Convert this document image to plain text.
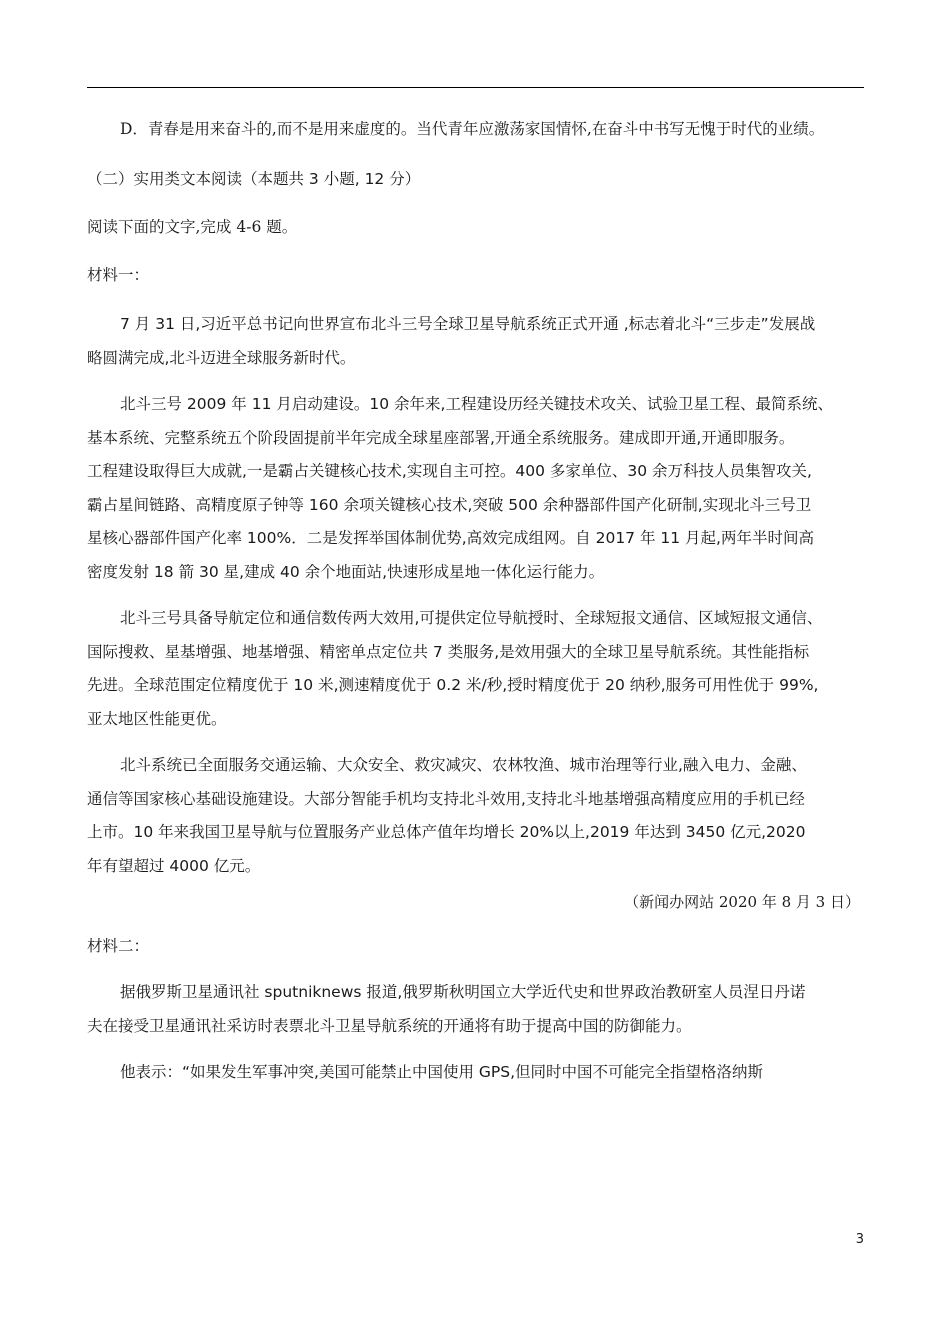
D．青春是用来奋斗的,而不是用来虚度的。当代青年应激荡家国情怀,在奋斗中书写无愧于时代的业绩。

（二）实用类文本阅读（本题共 3 小题, 12 分）

阅读下面的文字,完成 4-6 题。

材料一：

7 月 31 日,习近平总书记向世界宣布北斗三号全球卫星导航系统正式开通 ,标志着北斗“三步走”发展战

略圆满完成,北斗迈进全球服务新时代。

北斗三号 2009 年 11 月启动建设。10 余年来,工程建设历经关键技术攻关、试验卫星工程、最简系统、

基本系统、完整系统五个阶段固提前半年完成全球星座部署,开通全系统服务。建成即开通,开通即服务。

工程建设取得巨大成就,一是霸占关键核心技术,实现自主可控。400 多家单位、30 余万科技人员集智攻关,

霸占星间链路、高精度原子钟等 160 余项关键核心技术,突破 500 余种器部件国产化研制,实现北斗三号卫

星核心器部件国产化率 100%．二是发挥举国体制优势,高效完成组网。自 2017 年 11 月起,两年半时间高

密度发射 18 箭 30 星,建成 40 余个地面站,快速形成星地一体化运行能力。

北斗三号具备导航定位和通信数传两大效用,可提供定位导航授时、全球短报文通信、区域短报文通信、

国际搜救、星基增强、地基增强、精密单点定位共 7 类服务,是效用强大的全球卫星导航系统。其性能指标

先进。全球范围定位精度优于 10 米,测速精度优于 0.2 米/秒,授时精度优于 20 纳秒,服务可用性优于 99%,

亚太地区性能更优。

北斗系统已全面服务交通运输、大众安全、救灾减灾、农林牧渔、城市治理等行业,融入电力、金融、

通信等国家核心基础设施建设。大部分智能手机均支持北斗效用,支持北斗地基增强高精度应用的手机已经

上市。10 年来我国卫星导航与位置服务产业总体产值年均增长 20%以上,2019 年达到 3450 亿元,2020

年有望超过 4000 亿元。

（新闻办网站 2020 年 8 月 3 日）

材料二：

据俄罗斯卫星通讯社 sputniknews 报道,俄罗斯秋明国立大学近代史和世界政治教研室人员涅日丹诺

夫在接受卫星通讯社采访时表票北斗卫星导航系统的开通将有助于提高中国的防御能力。

他表示：“如果发生军事冲突,美国可能禁止中国使用 GPS,但同时中国不可能完全指望格洛纳斯

3
